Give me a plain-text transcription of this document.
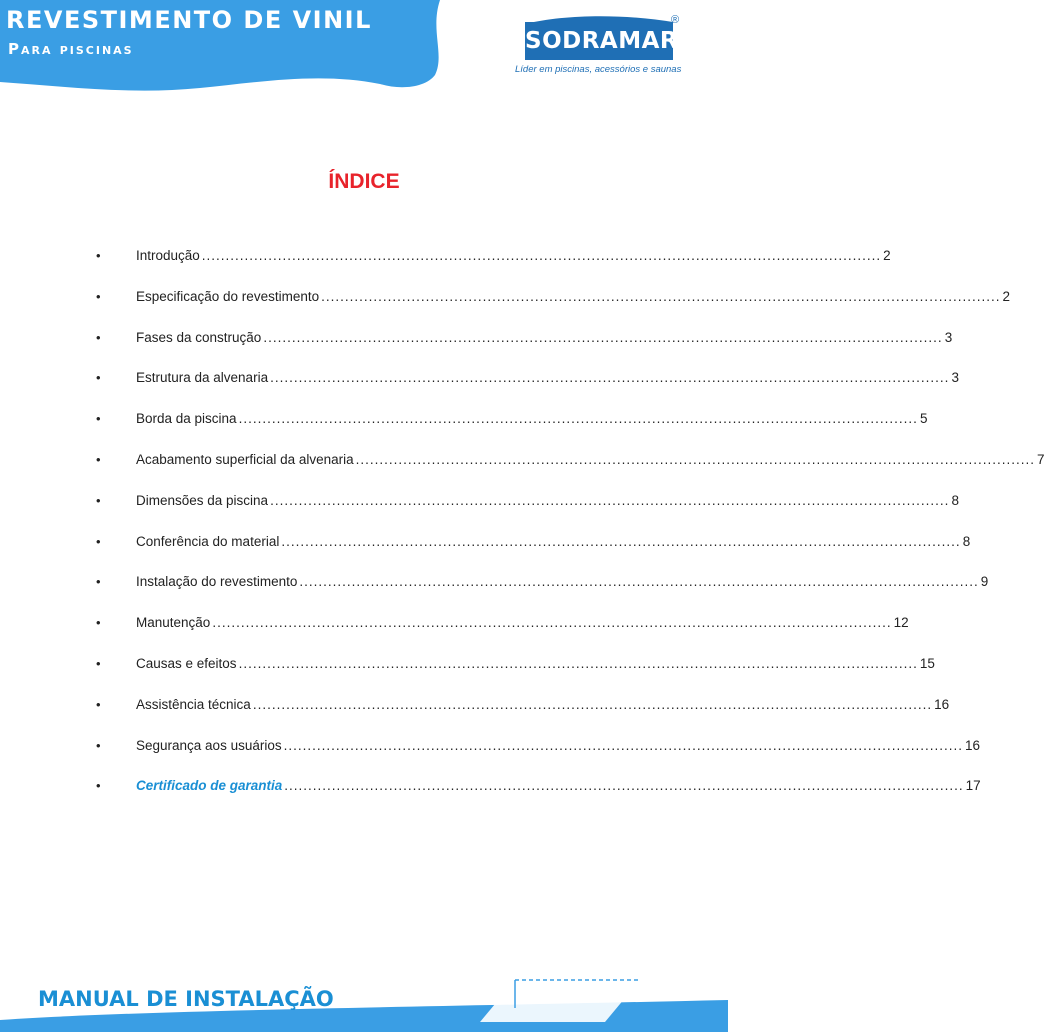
REVESTIMENTO DE VINIL
Para piscinas	SODRAMAR
®
Líder em piscinas, acessórios e saunas
ÍNDICE
•	Introdução ............................................................................................................................................... 2
•	Especificação do revestimento ............................................................................................................................................... 2
•	Fases da construção ............................................................................................................................................... 3
•	Estrutura da alvenaria ............................................................................................................................................... 3
•	Borda da piscina ............................................................................................................................................... 5
•	Acabamento superficial da alvenaria ............................................................................................................................................... 7
•	Dimensões da piscina ............................................................................................................................................... 8
•	Conferência do material ............................................................................................................................................... 8
•	Instalação do revestimento ............................................................................................................................................... 9
•	Manutenção ............................................................................................................................................... 12
•	Causas e efeitos ............................................................................................................................................... 15
•	Assistência técnica ............................................................................................................................................... 16
•	Segurança aos usuários ............................................................................................................................................... 16
•	Certificado de garantia ............................................................................................................................................... 17
MANUAL DE INSTALAÇÃO
